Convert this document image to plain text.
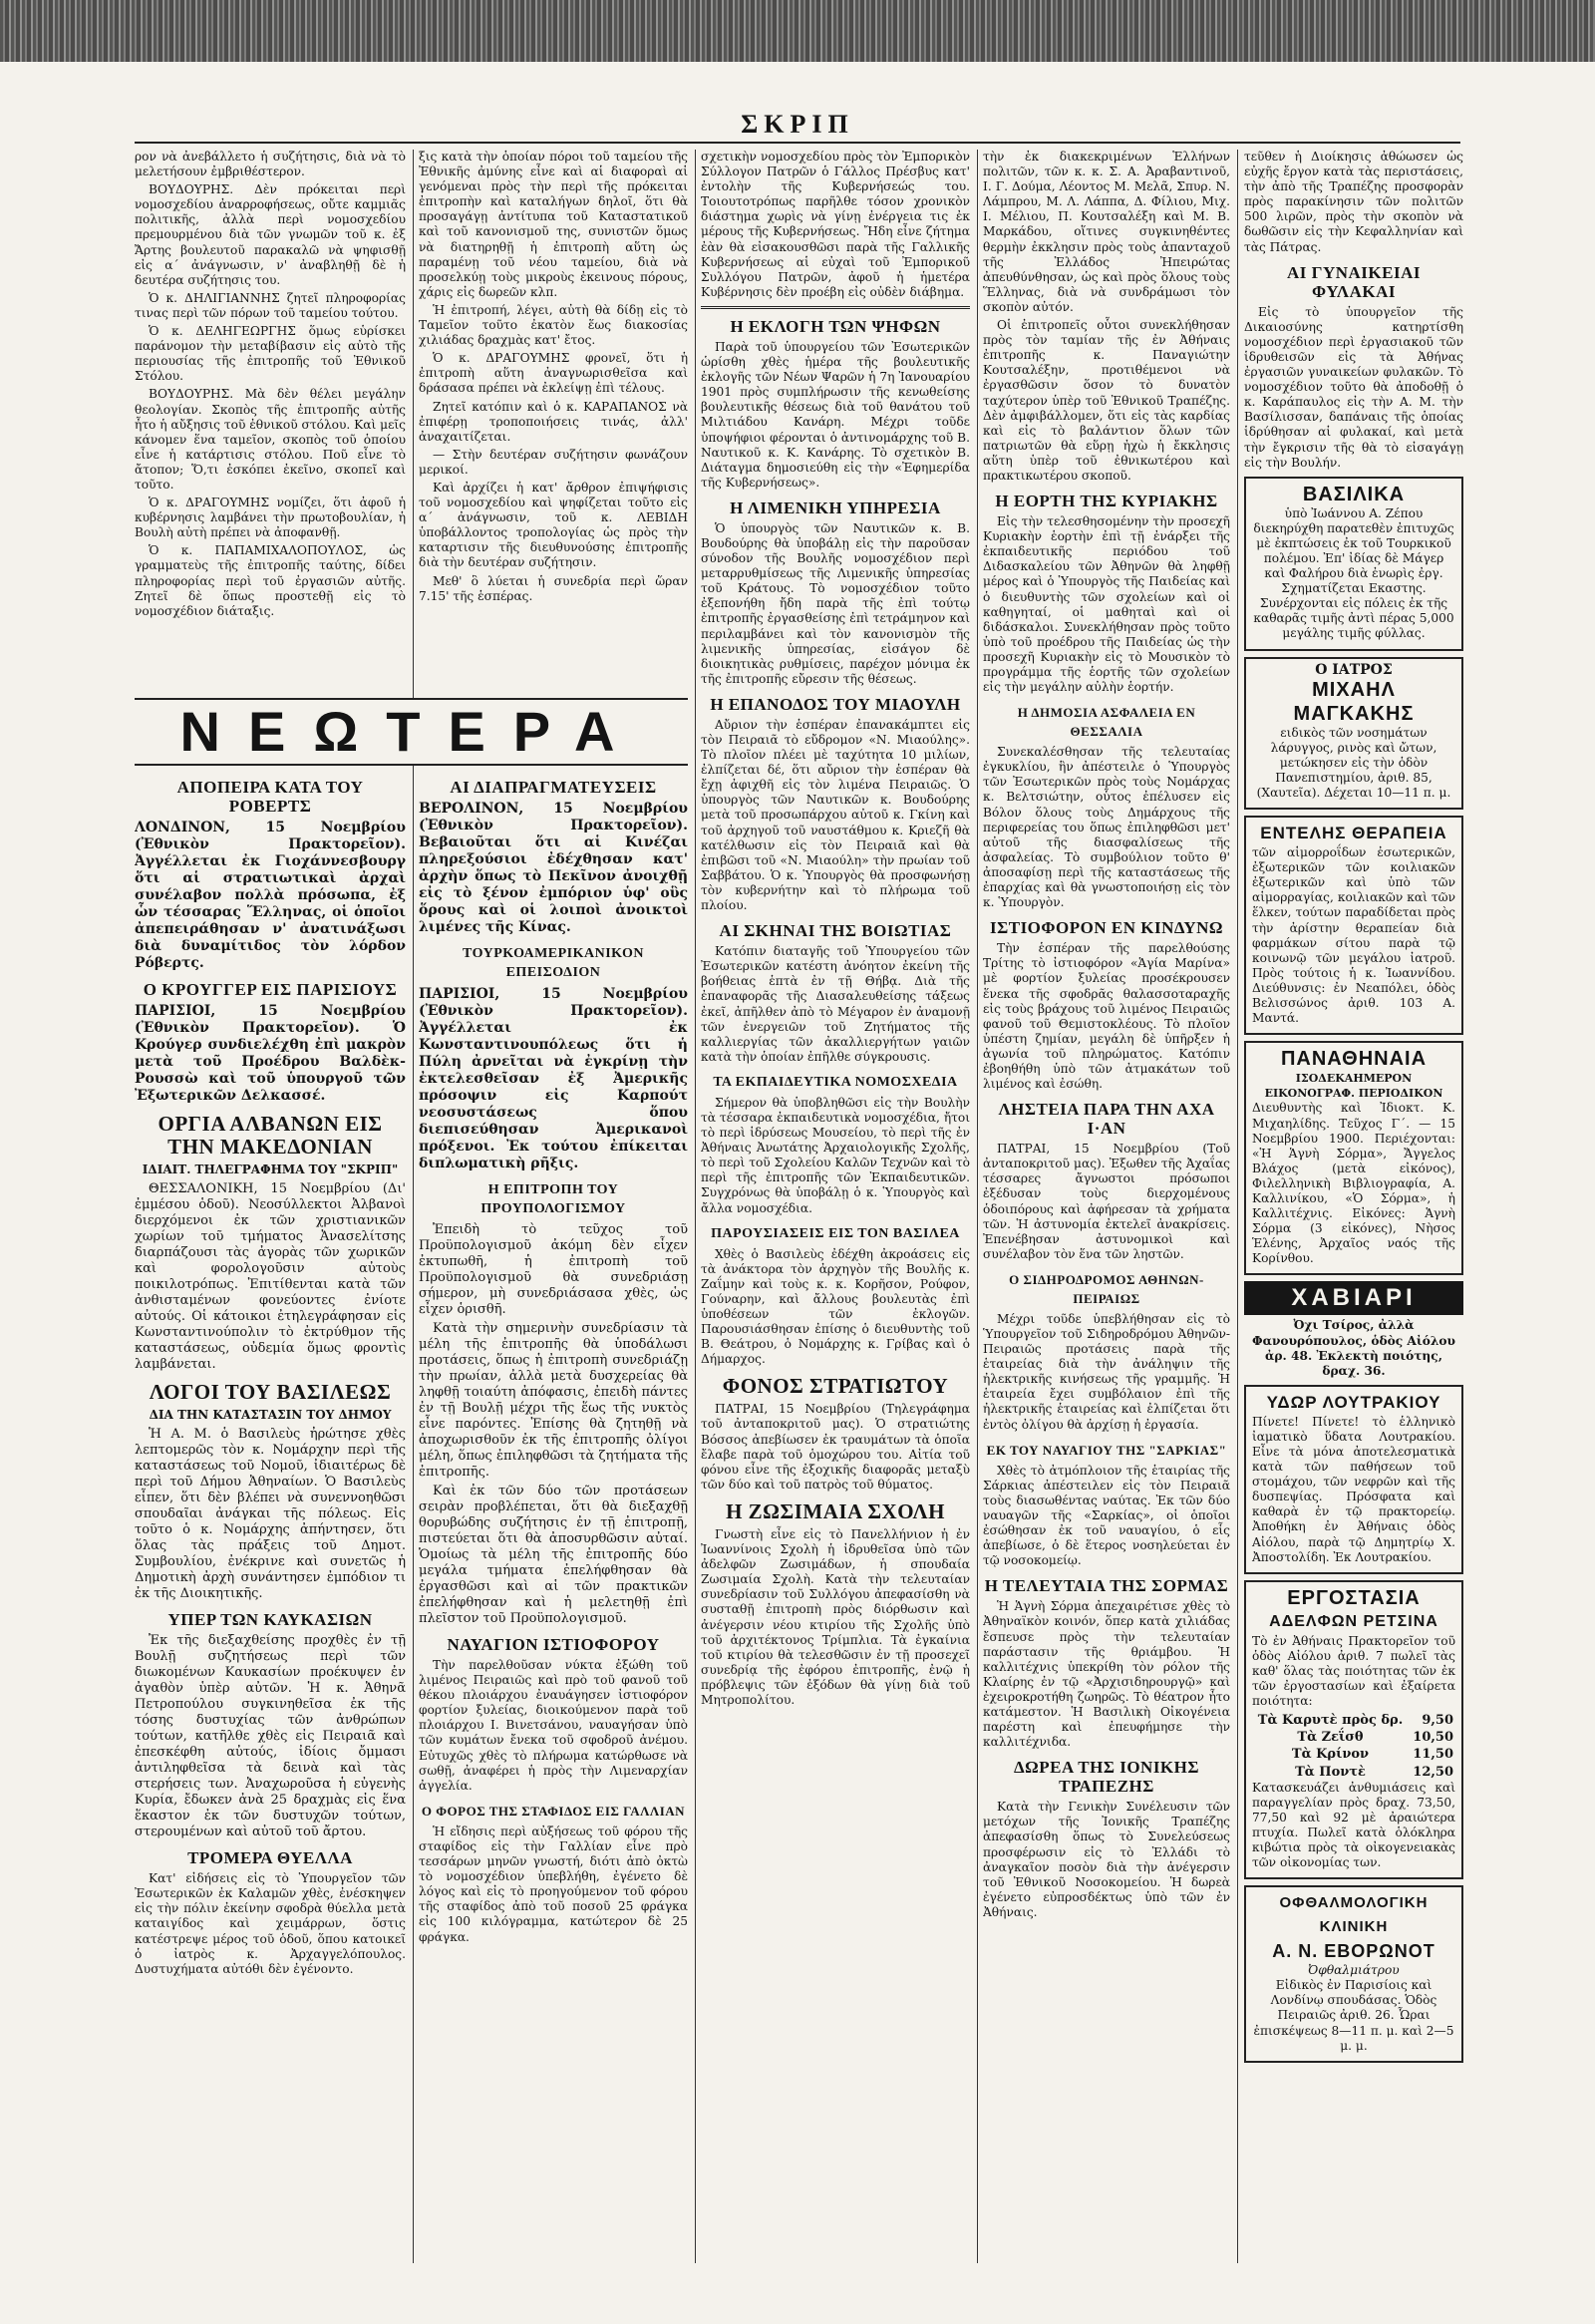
ΣΚΡΙΠ

ρον νὰ ἀνεβάλλετο ἡ συζήτησις, διὰ νὰ τὸ μελετήσουν ἐμβριθέστερον.

ΒΟΥΔΟΥΡΗΣ. Δὲν πρόκειται περὶ νομοσχεδίου ἀναρροφήσεως, οὔτε καμμιᾶς πολιτικῆς, ἀλλὰ περὶ νομοσχεδίου πρεμουρμένου διὰ τῶν γνωμῶν τοῦ κ. ἐξ Ἄρτης βουλευτοῦ παρακαλῶ νὰ ψηφισθῇ εἰς α΄ ἀνάγνωσιν, ν' ἀναβληθῇ δὲ ἡ δευτέρα συζήτησις του.

Ὁ κ. ΔΗΛΙΓΙΑΝΝΗΣ ζητεῖ πληροφορίας τινας περὶ τῶν πόρων τοῦ ταμείου τούτου.

Ὁ κ. ΔΕΛΗΓΕΩΡΓΗΣ ὅμως εὑρίσκει παράνομον τὴν μεταβίβασιν εἰς αὐτὸ τῆς περιουσίας τῆς ἐπιτροπῆς τοῦ Ἐθνικοῦ Στόλου.

ΒΟΥΔΟΥΡΗΣ. Μὰ δὲν θέλει μεγάλην θεολογίαν. Σκοπὸς τῆς ἐπιτροπῆς αὐτῆς ἦτο ἡ αὔξησις τοῦ ἐθνικοῦ στόλου. Καὶ μεῖς κάνομεν ἕνα ταμεῖον, σκοπὸς τοῦ ὁποίου εἶνε ἡ κατάρτισις στόλου. Ποῦ εἶνε τὸ ἄτοπον; Ὅ,τι ἐσκόπει ἐκεῖνο, σκοπεῖ καὶ τοῦτο.

Ὁ κ. ΔΡΑΓΟΥΜΗΣ νομίζει, ὅτι ἀφοῦ ἡ κυβέρνησις λαμβάνει τὴν πρωτοβουλίαν, ἡ Βουλὴ αὐτὴ πρέπει νὰ ἀποφανθῇ.

Ὁ κ. ΠΑΠΑΜΙΧΑΛΟΠΟΥΛΟΣ, ὡς γραμματεὺς τῆς ἐπιτροπῆς ταύτης, δίδει πληροφορίας περὶ τοῦ ἐργασιῶν αὐτῆς. Ζητεῖ δὲ ὅπως προστεθῇ εἰς τὸ νομοσχέδιον διάταξις.

ξις κατὰ τὴν ὁποίαν πόροι τοῦ ταμείου τῆς Ἐθνικῆς ἀμύνης εἶνε καὶ αἱ διαφοραὶ αἱ γενόμεναι πρὸς τὴν περὶ τῆς πρόκειται ἐπιτροπὴν καὶ καταλήγων δηλοῖ, ὅτι θὰ προσαγάγῃ ἀντίτυπα τοῦ Καταστατικοῦ καὶ τοῦ κανονισμοῦ της, συνιστῶν ὅμως νὰ διατηρηθῇ ἡ ἐπιτροπὴ αὕτη ὡς παραμένῃ τοῦ νέου ταμείου, διὰ νὰ προσελκύῃ τοὺς μικροὺς ἐκεινους πόρους, χάρις εἰς δωρεῶν κλπ.

Ἡ ἐπιτροπή, λέγει, αὐτὴ θὰ δίδῃ εἰς τὸ Ταμεῖον τοῦτο ἐκατὸν ἕως διακοσίας χιλιάδας δραχμὰς κατ' ἔτος.

Ὁ κ. ΔΡΑΓΟΥΜΗΣ φρονεῖ, ὅτι ἡ ἐπιτροπὴ αὕτη ἀναγνωρισθεῖσα καὶ δράσασα πρέπει νὰ ἐκλείψῃ ἐπὶ τέλους.

Ζητεῖ κατόπιν καὶ ὁ κ. ΚΑΡΑΠΑΝΟΣ νὰ ἐπιφέρῃ τροποποιήσεις τινάς, ἀλλ' ἀναχαιτίζεται.

— Στὴν δευτέραν συζήτησιν φωνάζουν μερικοί.

Καὶ ἀρχίζει ἡ κατ' ἄρθρον ἐπιψήφισις τοῦ νομοσχεδίου καὶ ψηφίζεται τοῦτο εἰς α΄ ἀνάγνωσιν, τοῦ κ. ΛΕΒΙΔΗ ὑποβάλλοντος τροπολογίας ὡς πρὸς τὴν καταρτισιν τῆς διευθυνούσης ἐπιτροπῆς διὰ τὴν δευτέραν συζήτησιν.

Μεθ' ὃ λύεται ἡ συνεδρία περὶ ὥραν 7.15' τῆς ἑσπέρας.

ΝΕΩΤΕΡΑ
ΑΠΟΠΕΙΡΑ ΚΑΤΑ ΤΟΥ ΡΟΒΕΡΤΣ

ΛΟΝΔΙΝΟΝ, 15 Νοεμβρίου (Ἐθνικὸν Πρακτορεῖον). Ἀγγέλλεται ἐκ Γιοχάννεσβουργ ὅτι αἱ στρατιωτικαὶ ἀρχαὶ συνέλαβον πολλὰ πρόσωπα, ἐξ ὧν τέσσαρας Ἕλληνας, οἱ ὁποῖοι ἀπεπειράθησαν ν' ἀνατινάξωσι διὰ δυναμίτιδος τὸν λόρδον Ρόβερτς.

Ο ΚΡΟΥΓΓΕΡ ΕΙΣ ΠΑΡΙΣΙΟΥΣ

ΠΑΡΙΣΙΟΙ, 15 Νοεμβρίου (Ἐθνικὸν Πρακτορεῖον). Ὁ Κρούγερ συνδιελέχθη ἐπὶ μακρὸν μετὰ τοῦ Προέδρου Βαλδὲκ-Ρουσσὼ καὶ τοῦ ὑπουργοῦ τῶν Ἐξωτερικῶν Δελκασσέ.

ΟΡΓΙΑ ΑΛΒΑΝΩΝ ΕΙΣ ΤΗΝ ΜΑΚΕΔΟΝΙΑΝ
ΙΔΙΑΙΤ. ΤΗΛΕΓΡΑΦΗΜΑ ΤΟΥ "ΣΚΡΙΠ"

ΘΕΣΣΑΛΟΝΙΚΗ, 15 Νοεμβρίου (Δι' ἐμμέσου ὁδοῦ). Νεοσύλλεκτοι Ἀλβανοὶ διερχόμενοι ἐκ τῶν χριστιανικῶν χωρίων τοῦ τμήματος Ἀνασελίτσης διαρπάζουσι τὰς ἀγορὰς τῶν χωρικῶν καὶ φορολογοῦσιν αὐτοὺς ποικιλοτρόπως. Ἐπιτίθενται κατὰ τῶν ἀνθισταμένων φονεύοντες ἐνίοτε αὐτούς. Οἱ κάτοικοι ἐτηλεγράφησαν εἰς Κωνσταντινούπολιν τὸ ἐκτρύθμον τῆς καταστάσεως, οὐδεμία ὅμως φροντὶς λαμβάνεται.

ΛΟΓΟΙ ΤΟΥ ΒΑΣΙΛΕΩΣ
ΔΙΑ ΤΗΝ ΚΑΤΑΣΤΑΣΙΝ ΤΟΥ ΔΗΜΟΥ

Ἡ Α. Μ. ὁ Βασιλεὺς ἠρώτησε χθὲς λεπτομερῶς τὸν κ. Νομάρχην περὶ τῆς καταστάσεως τοῦ Νομοῦ, ἰδιαιτέρως δὲ περὶ τοῦ Δήμου Ἀθηναίων. Ὁ Βασιλεὺς εἶπεν, ὅτι δὲν βλέπει νὰ συνεννοηθῶσι σπουδαῖαι ἀνάγκαι τῆς πόλεως. Εἰς τοῦτο ὁ κ. Νομάρχης ἀπήντησεν, ὅτι ὅλας τὰς πράξεις τοῦ Δημοτ. Συμβουλίου, ἐνέκρινε καὶ συνετῶς ἡ Δημοτικὴ ἀρχὴ συνάντησεν ἐμπόδιον τι ἐκ τῆς Διοικητικῆς.

ΥΠΕΡ ΤΩΝ ΚΑΥΚΑΣΙΩΝ

Ἐκ τῆς διεξαχθείσης προχθὲς ἐν τῇ Βουλῇ συζητήσεως περὶ τῶν διωκομένων Καυκασίων προέκυψεν ἐν ἀγαθὸν ὑπὲρ αὐτῶν. Ἡ κ. Ἀθηνᾶ Πετροπούλου συγκινηθεῖσα ἐκ τῆς τόσης δυστυχίας τῶν ἀνθρώπων τούτων, κατῆλθε χθὲς εἰς Πειραιᾶ καὶ ἐπεσκέφθη αὐτούς, ἰδίοις ὄμμασι ἀντιληφθεῖσα τὰ δεινὰ καὶ τὰς στερήσεις των. Ἀναχωροῦσα ἡ εὐγενὴς Κυρία, ἔδωκεν ἀνὰ 25 δραχμὰς εἰς ἕνα ἕκαστον ἐκ τῶν δυστυχῶν τούτων, στερουμένων καὶ αὐτοῦ τοῦ ἄρτου.

ΤΡΟΜΕΡΑ ΘΥΕΛΛΑ

Κατ' εἰδήσεις εἰς τὸ Ὑπουργεῖον τῶν Ἐσωτερικῶν ἐκ Καλαμῶν χθὲς, ἐνέσκηψεν εἰς τὴν πόλιν ἐκείνην σφοδρὰ θύελλα μετὰ καταιγίδος καὶ χειμάρρων, ὅστις κατέστρεψε μέρος τοῦ ὁδοῦ, ὅπου κατοικεῖ ὁ ἰατρὸς κ. Ἀρχαγγελόπουλος. Δυστυχήματα αὐτόθι δὲν ἐγένοντο.

ΑΙ ΔΙΑΠΡΑΓΜΑΤΕΥΣΕΙΣ

ΒΕΡΟΛΙΝΟΝ, 15 Νοεμβρίου (Ἐθνικὸν Πρακτορεῖον). Βεβαιοῦται ὅτι αἱ Κινέζαι πληρεξούσιοι ἐδέχθησαν κατ' ἀρχὴν ὅπως τὸ Πεκῖνον ἀνοιχθῇ εἰς τὸ ξένον ἐμπόριον ὑφ' οὓς ὅρους καὶ οἱ λοιποὶ ἀνοικτοὶ λιμένες τῆς Κίνας.

ΤΟΥΡΚΟΑΜΕΡΙΚΑΝΙΚΟΝ ΕΠΕΙΣΟΔΙΟΝ

ΠΑΡΙΣΙΟΙ, 15 Νοεμβρίου (Ἐθνικὸν Πρακτορεῖον). Ἀγγέλλεται ἐκ Κωνσταντινουπόλεως ὅτι ἡ Πύλη ἀρνεῖται νὰ ἐγκρίνῃ τὴν ἐκτελεσθεῖσαν ἐξ Ἀμερικῆς πρόσοψιν εἰς Καρπούτ νεοσυστάσεως ὅπου διεπισεύθησαν Ἀμερικανοὶ πρόξενοι. Ἐκ τούτου ἐπίκειται διπλωματικὴ ρῆξις.

Η ΕΠΙΤΡΟΠΗ ΤΟΥ ΠΡΟΥΠΟΛΟΓΙΣΜΟΥ

Ἐπειδὴ τὸ τεῦχος τοῦ Προϋπολογισμοῦ ἀκόμη δὲν εἶχεν ἐκτυπωθῆ, ἡ ἐπιτροπὴ τοῦ Προϋπολογισμοῦ θὰ συνεδριάσῃ σήμερον, μὴ συνεδριάσασα χθὲς, ὡς εἶχεν ὁρισθῆ.

Κατὰ τὴν σημερινὴν συνεδρίασιν τὰ μέλη τῆς ἐπιτροπῆς θὰ ὑποδάλωσι προτάσεις, ὅπως ἡ ἐπιτροπὴ συνεδριάζῃ τὴν πρωίαν, ἀλλὰ μετὰ δυσχερείας θὰ ληφθῇ τοιαύτη ἀπόφασις, ἐπειδὴ πάντες ἐν τῇ Βουλῇ μέχρι τῆς ἕως τῆς νυκτὸς εἶνε παρόντες. Ἐπίσης θὰ ζητηθῇ νὰ ἀποχωρισθοῦν ἐκ τῆς ἐπιτροπῆς ὀλίγοι μέλη, ὅπως ἐπιληφθῶσι τὰ ζητήματα τῆς ἐπιτροπῆς.

Καὶ ἐκ τῶν δύο τῶν προτάσεων σειρὰν προβλέπεται, ὅτι θὰ διεξαχθῇ θορυβώδης συζήτησις ἐν τῇ ἐπιτροπῇ, πιστεύεται ὅτι θὰ ἀποσυρθῶσιν αὐταί. Ὁμοίως τὰ μέλη τῆς ἐπιτροπῆς δύο μεγάλα τμήματα ἐπελήφθησαν θὰ ἐργασθῶσι καὶ αἱ τῶν πρακτικῶν ἐπελήφθησαν καὶ ἡ μελετηθῇ ἐπὶ πλεῖστον τοῦ Προϋπολογισμοῦ.

ΝΑΥΑΓΙΟΝ ΙΣΤΙΟΦΟΡΟΥ

Τὴν παρελθοῦσαν νύκτα ἐξώθη τοῦ λιμένος Πειραιῶς καὶ πρὸ τοῦ φανοῦ τοῦ θέκου πλοιάρχου ἐναυάγησεν ἰστιοφόρον φορτίον ξυλείας, διοικούμενον παρὰ τοῦ πλοιάρχου Ι. Βινετσάνου, ναυαγήσαν ὑπὸ τῶν κυμάτων ἔνεκα τοῦ σφοδροῦ ἀνέμου. Εὐτυχῶς χθὲς τὸ πλήρωμα κατώρθωσε νὰ σωθῇ, ἀναφέρει ἡ πρὸς τὴν Λιμεναρχίαν ἀγγελία.

Ο ΦΟΡΟΣ ΤΗΣ ΣΤΑΦΙΔΟΣ ΕΙΣ ΓΑΛΛΙΑΝ

Ἡ εἴδησις περὶ αὐξήσεως τοῦ φόρου τῆς σταφίδος εἰς τὴν Γαλλίαν εἶνε πρὸ τεσσάρων μηνῶν γνωστή, διότι ἀπὸ ὀκτὼ τὸ νομοσχέδιον ὑπεβλήθη, ἐγένετο δὲ λόγος καὶ εἰς τὸ προηγούμενον τοῦ φόρου τῆς σταφίδος ἀπὸ τοῦ ποσοῦ 25 φράγκα εἰς 100 κιλόγραμμα, κατώτερον δὲ 25 φράγκα.

σχετικὴν νομοσχεδίου πρὸς τὸν Ἐμπορικὸν Σύλλογον Πατρῶν ὁ Γάλλος Πρέσβυς κατ' ἐντολὴν τῆς Κυβερνήσεώς του. Τοιουτοτρόπως παρῆλθε τόσον χρονικὸν διάστημα χωρὶς νὰ γίνῃ ἐνέργεια τις ἐκ μέρους τῆς Κυβερνήσεως. Ἤδη εἶνε ζήτημα ἐὰν θὰ εἰσακουσθῶσι παρὰ τῆς Γαλλικῆς Κυβερνήσεως αἱ εὐχαὶ τοῦ Ἐμπορικοῦ Συλλόγου Πατρῶν, ἀφοῦ ἡ ἡμετέρα Κυβέρνησις δὲν προέβη εἰς οὐδὲν διάβημα.

Η ΕΚΛΟΓΗ ΤΩΝ ΨΗΦΩΝ

Παρὰ τοῦ ὑπουργείου τῶν Ἐσωτερικῶν ὡρίσθη χθὲς ἡμέρα τῆς βουλευτικῆς ἐκλογῆς τῶν Νέων Ψαρῶν ἡ 7η Ἰανουαρίου 1901 πρὸς συμπλήρωσιν τῆς κενωθείσης βουλευτικῆς θέσεως διὰ τοῦ θανάτου τοῦ Μιλτιάδου Κανάρη. Μέχρι τοῦδε ὑποψήφιοι φέρονται ὁ ἀντινομάρχης τοῦ Β. Ναυτικοῦ κ. Κ. Κανάρης. Τὸ σχετικὸν Β. Διάταγμα δημοσιεύθη εἰς τὴν «Ἐφημερίδα τῆς Κυβερνήσεως».

Η ΛΙΜΕΝΙΚΗ ΥΠΗΡΕΣΙΑ

Ὁ ὑπουργὸς τῶν Ναυτικῶν κ. Β. Βουδούρης θὰ ὑποβάλῃ εἰς τὴν παροῦσαν σύνοδον τῆς Βουλῆς νομοσχέδιον περὶ μεταρρυθμίσεως τῆς Λιμενικῆς ὑπηρεσίας τοῦ Κράτους. Τὸ νομοσχέδιον τοῦτο ἐξεπονήθη ἤδη παρὰ τῆς ἐπὶ τούτῳ ἐπιτροπῆς ἐργασθείσης ἐπὶ τετράμηνον καὶ περιλαμβάνει καὶ τὸν κανονισμὸν τῆς λιμενικῆς ὑπηρεσίας, εἰσάγον δὲ διοικητικὰς ρυθμίσεις, παρέχον μόνιμα ἐκ τῆς ἐπιτροπῆς εὔρεσιν τῆς θέσεως.

Η ΕΠΑΝΟΔΟΣ ΤΟΥ ΜΙΑΟΥΛΗ

Αὔριον τὴν ἑσπέραν ἐπανακάμπτει εἰς τὸν Πειραιᾶ τὸ εὔδρομον «Ν. Μιαούλης». Τὸ πλοῖον πλέει μὲ ταχύτητα 10 μιλίων, ἐλπίζεται δέ, ὅτι αὔριον τὴν ἑσπέραν θὰ ἔχῃ ἀφιχθῆ εἰς τὸν λιμένα Πειραιῶς. Ὁ ὑπουργὸς τῶν Ναυτικῶν κ. Βουδούρης μετὰ τοῦ προσωπάρχου αὐτοῦ κ. Γκίνη καὶ τοῦ ἀρχηγοῦ τοῦ ναυστάθμου κ. Κριεζῆ θὰ κατέλθωσιν εἰς τὸν Πειραιᾶ καὶ θὰ ἐπιβῶσι τοῦ «Ν. Μιαούλη» τὴν πρωίαν τοῦ Σαββάτου. Ὁ κ. Ὑπουργὸς θὰ προσφωνήσῃ τὸν κυβερνήτην καὶ τὸ πλήρωμα τοῦ πλοίου.

ΑΙ ΣΚΗΝΑΙ ΤΗΣ ΒΟΙΩΤΙΑΣ

Κατόπιν διαταγῆς τοῦ Ὑπουργείου τῶν Ἐσωτερικῶν κατέστη ἀνόητον ἐκείνη τῆς βοήθειας ἑπτὰ ἐν τῇ Θήβᾳ. Διὰ τῆς ἐπαναφορᾶς τῆς Διασαλευθείσης τάξεως ἐκεῖ, ἀπῆλθεν ἀπὸ τὸ Μέγαρον ἐν ἀναμονῇ τῶν ἐνεργειῶν τοῦ Ζητήματος τῆς καλλιεργίας τῶν ἀκαλλιεργήτων γαιῶν κατὰ τὴν ὁποίαν ἐπῆλθε σύγκρουσις.

ΤΑ ΕΚΠΑΙΔΕΥΤΙΚΑ ΝΟΜΟΣΧΕΔΙΑ

Σήμερον θὰ ὑποβληθῶσι εἰς τὴν Βουλὴν τὰ τέσσαρα ἐκπαιδευτικὰ νομοσχέδια, ἤτοι τὸ περὶ ἱδρύσεως Μουσείου, τὸ περὶ τῆς ἐν Ἀθήναις Ἀνωτάτης Ἀρχαιολογικῆς Σχολῆς, τὸ περὶ τοῦ Σχολείου Καλῶν Τεχνῶν καὶ τὸ περὶ τῆς ἐπιτροπῆς τῶν Ἐκπαιδευτικῶν. Συγχρόνως θὰ ὑποβάλῃ ὁ κ. Ὑπουργὸς καὶ ἄλλα νομοσχέδια.

ΠΑΡΟΥΣΙΑΣΕΙΣ ΕΙΣ ΤΟΝ ΒΑΣΙΛΕΑ

Χθὲς ὁ Βασιλεὺς ἐδέχθη ἀκροάσεις εἰς τὰ ἀνάκτορα τὸν ἀρχηγὸν τῆς Βουλῆς κ. Ζαΐμην καὶ τοὺς κ. κ. Κορῆσον, Ρούφον, Γούναρην, καὶ ἄλλους βουλευτὰς ἐπὶ ὑποθέσεων τῶν ἐκλογῶν. Παρουσιάσθησαν ἐπίσης ὁ διευθυντὴς τοῦ Β. Θεάτρου, ὁ Νομάρχης κ. Γρίβας καὶ ὁ Δήμαρχος.

ΦΟΝΟΣ ΣΤΡΑΤΙΩΤΟΥ

ΠΑΤΡΑΙ, 15 Νοεμβρίου (Τηλεγράφημα τοῦ ἀνταποκριτοῦ μας). Ὁ στρατιώτης Βόσσος ἀπεβίωσεν ἐκ τραυμάτων τὰ ὁποῖα ἔλαβε παρὰ τοῦ ὁμοχώρου του. Αἰτία τοῦ φόνου εἶνε τῆς ἐξοχικῆς διαφορᾶς μεταξὺ τῶν δύο καὶ τοῦ πατρὸς τοῦ θύματος.

Η ΖΩΣΙΜΑΙΑ ΣΧΟΛΗ

Γνωστὴ εἶνε εἰς τὸ Πανελλήνιον ἡ ἐν Ἰωαννίνοις Σχολὴ ἡ ἰδρυθεῖσα ὑπὸ τῶν ἀδελφῶν Ζωσιμάδων, ἡ σπουδαία Ζωσιμαία Σχολὴ. Κατὰ τὴν τελευταίαν συνεδρίασιν τοῦ Συλλόγου ἀπεφασίσθη νὰ συσταθῇ ἐπιτροπὴ πρὸς διόρθωσιν καὶ ἀνέγερσιν νέου κτιρίου τῆς Σχολῆς ὑπὸ τοῦ ἀρχιτέκτονος Τρίμπλια. Τὰ ἐγκαίνια τοῦ κτιρίου θὰ τελεσθῶσιν ἐν τῇ προσεχεῖ συνεδρίᾳ τῆς ἐφόρου ἐπιτροπῆς, ἐνῷ ἡ πρόβλεψις τῶν ἐξόδων θὰ γίνῃ διὰ τοῦ Μητροπολίτου.

τὴν ἐκ διακεκριμένων Ἑλλήνων πολιτῶν, τῶν κ. κ. Σ. Α. Ἀραβαντινοῦ, Ι. Γ. Δούμα, Λέοντος Μ. Μελᾶ, Σπυρ. Ν. Λάμπρου, Μ. Λ. Λάππα, Δ. Φίλιου, Μιχ. Ι. Μέλιου, Π. Κουτσαλέξη καὶ Μ. Β. Μαρκάδου, οἵτινες συγκινηθέντες θερμὴν ἐκκλησιν πρὸς τοὺς ἀπανταχοῦ τῆς Ἑλλάδος Ἠπειρώτας ἀπευθύνθησαν, ὡς καὶ πρὸς ὅλους τοὺς Ἕλληνας, διὰ νὰ συνδράμωσι τὸν σκοπὸν αὐτόν.

Οἱ ἐπιτροπεῖς οὗτοι συνεκλήθησαν πρὸς τὸν ταμίαν τῆς ἐν Ἀθήναις ἐπιτροπῆς κ. Παναγιώτην Κουτσαλέξην, προτιθέμενοι νὰ ἐργασθῶσιν ὅσον τὸ δυνατὸν ταχύτερον ὑπὲρ τοῦ Ἐθνικοῦ Τραπέζης. Δὲν ἀμφιβάλλομεν, ὅτι εἰς τὰς καρδίας καὶ εἰς τὸ βαλάντιον ὅλων τῶν πατριωτῶν θὰ εὕρῃ ἠχὼ ἡ ἔκκλησις αὕτη ὑπὲρ τοῦ ἐθνικωτέρου καὶ πρακτικωτέρου σκοποῦ.

Η ΕΟΡΤΗ ΤΗΣ ΚΥΡΙΑΚΗΣ

Εἰς τὴν τελεσθησομένην τὴν προσεχῆ Κυριακὴν ἑορτὴν ἐπὶ τῇ ἐνάρξει τῆς ἐκπαιδευτικῆς περιόδου τοῦ Διδασκαλείου τῶν Ἀθηνῶν θὰ ληφθῇ μέρος καὶ ὁ Ὑπουργὸς τῆς Παιδείας καὶ ὁ διευθυντὴς τῶν σχολείων καὶ οἱ καθηγηταί, οἱ μαθηταὶ καὶ οἱ διδάσκαλοι. Συνεκλήθησαν πρὸς τοῦτο ὑπὸ τοῦ προέδρου τῆς Παιδείας ὡς τὴν προσεχῆ Κυριακὴν εἰς τὸ Μουσικὸν τὸ προγράμμα τῆς ἑορτῆς τῶν σχολείων εἰς τὴν μεγάλην αὐλὴν ἑορτήν.

Η ΔΗΜΟΣΙΑ ΑΣΦΑΛΕΙΑ ΕΝ ΘΕΣΣΑΛΙΑ

Συνεκαλέσθησαν τῆς τελευταίας ἐγκυκλίου, ἣν ἀπέστειλε ὁ Ὑπουργὸς τῶν Ἐσωτερικῶν πρὸς τοὺς Νομάρχας κ. Βελτσιώτην, οὗτος ἐπέλυσεν εἰς Βόλον ὅλους τοὺς Δημάρχους τῆς περιφερείας του ὅπως ἐπιληφθῶσι μετ' αὐτοῦ τῆς διασφαλίσεως τῆς ἀσφαλείας. Τὸ συμβούλιον τοῦτο θ' ἀποσαφίσῃ περὶ τῆς καταστάσεως τῆς ἐπαρχίας καὶ θὰ γνωστοποιήσῃ εἰς τὸν κ. Ὑπουργὸν.

ΙΣΤΙΟΦΟΡΟΝ ΕΝ ΚΙΝΔΥΝΩ

Τὴν ἑσπέραν τῆς παρελθούσης Τρίτης τὸ ἰστιοφόρον «Ἁγία Μαρίνα» μὲ φορτίον ξυλείας προσέκρουσεν ἕνεκα τῆς σφοδρᾶς θαλασσοταραχῆς εἰς τοὺς βράχους τοῦ λιμένος Πειραιῶς φανοῦ τοῦ Θεμιστοκλέους. Τὸ πλοῖον ὑπέστη ζημίαν, μεγάλη δὲ ὑπῆρξεν ἡ ἀγωνία τοῦ πληρώματος. Κατόπιν ἐβοηθήθη ὑπὸ τῶν ἀτμακάτων τοῦ λιμένος καὶ ἐσώθη.

ΛΗΣΤΕΙΑ ΠΑΡΑ ΤΗΝ ΑΧΑ Ι·ΑΝ

ΠΑΤΡΑΙ, 15 Νοεμβρίου (Τοῦ ἀνταποκριτοῦ μας). Ἐξωθεν τῆς Ἀχαΐας τέσσαρες ἄγνωστοι πρόσωποι ἐξέδυσαν τοὺς διερχομένους ὁδοιπόρους καὶ ἀφήρεσαν τὰ χρήματα τῶν. Ἡ ἀστυνομία ἐκτελεῖ ἀνακρίσεις. Ἐπενέβησαν ἀστυνομικοὶ καὶ συνέλαβον τὸν ἕνα τῶν ληστῶν.

Ο ΣΙΔΗΡΟΔΡΟΜΟΣ ΑΘΗΝΩΝ-ΠΕΙΡΑΙΩΣ

Μέχρι τοῦδε ὑπεβλήθησαν εἰς τὸ Ὑπουργεῖον τοῦ Σιδηροδρόμου Ἀθηνῶν-Πειραιῶς προτάσεις παρὰ τῆς ἑταιρείας διὰ τὴν ἀνάληψιν τῆς ἠλεκτρικῆς κινήσεως τῆς γραμμῆς. Ἡ ἑταιρεία ἔχει συμβόλαιον ἐπὶ τῆς ἠλεκτρικῆς ἑταιρείας καὶ ἐλπίζεται ὅτι ἐντὸς ὀλίγου θὰ ἀρχίσῃ ἡ ἐργασία.

ΕΚ ΤΟΥ ΝΑΥΑΓΙΟΥ ΤΗΣ "ΣΑΡΚΙΑΣ"

Χθὲς τὸ ἀτμόπλοιον τῆς ἑταιρίας τῆς Σάρκιας ἀπέστειλεν εἰς τὸν Πειραιᾶ τοὺς διασωθέντας ναύτας. Ἐκ τῶν δύο ναυαγῶν τῆς «Σαρκίας», οἱ ὁποῖοι ἐσώθησαν ἐκ τοῦ ναυαγίου, ὁ εἷς ἀπεβίωσε, ὁ δὲ ἕτερος νοσηλεύεται ἐν τῷ νοσοκομείῳ.

Η ΤΕΛΕΥΤΑΙΑ ΤΗΣ ΣΟΡΜΑΣ

Ἡ Ἁγνὴ Σόρμα ἀπεχαιρέτισε χθὲς τὸ Ἀθηναϊκὸν κοινόν, ὅπερ κατὰ χιλιάδας ἔσπευσε πρὸς τὴν τελευταίαν παράστασιν τῆς θριάμβου. Ἡ καλλιτέχνις ὑπεκρίθη τὸν ρόλον τῆς Κλαίρης ἐν τῷ «Ἀρχισιδηρουργῷ» καὶ ἐχειροκροτήθη ζωηρῶς. Τὸ θέατρον ἦτο κατάμεστον. Ἡ Βασιλικὴ Οἰκογένεια παρέστη καὶ ἐπευφήμησε τὴν καλλιτέχνιδα.

ΔΩΡΕΑ ΤΗΣ ΙΟΝΙΚΗΣ ΤΡΑΠΕΖΗΣ

Κατὰ τὴν Γενικὴν Συνέλευσιν τῶν μετόχων τῆς Ἰονικῆς Τραπέζης ἀπεφασίσθη ὅπως τὸ Συνελεύσεως προσφέρωσιν εἰς τὸ Ἐλλάδι τὸ ἀναγκαῖον ποσὸν διὰ τὴν ἀνέγερσιν τοῦ Ἐθνικοῦ Νοσοκομείου. Ἡ δωρεὰ ἐγένετο εὐπροσδέκτως ὑπὸ τῶν ἐν Ἀθήναις.

τεῦθεν ἡ Διοίκησις ἀθώωσεν ὡς εὐχῆς ἔργον κατὰ τὰς περιστάσεις, τὴν ἀπὸ τῆς Τραπέζης προσφορὰν πρὸς παρακίνησιν τῶν πολιτῶν 500 λιρῶν, πρὸς τὴν σκοπὸν νὰ δωθῶσιν εἰς τὴν Κεφαλληνίαν καὶ τὰς Πάτρας.

ΑΙ ΓΥΝΑΙΚΕΙΑΙ ΦΥΛΑΚΑΙ

Εἰς τὸ ὑπουργεῖον τῆς Δικαιοσύνης κατηρτίσθη νομοσχέδιον περὶ ἐργασιακοῦ τῶν ἱδρυθεισῶν εἰς τὰ Ἀθήνας ἐργασιῶν γυναικείων φυλακῶν. Τὸ νομοσχέδιον τοῦτο θὰ ἀποδοθῇ ὁ κ. Καράπαυλος εἰς τὴν Α. Μ. τὴν Βασίλισσαν, δαπάναις τῆς ὁποίας ἱδρύθησαν αἱ φυλακαί, καὶ μετὰ τὴν ἔγκρισιν τῆς θὰ τὸ εἰσαγάγῃ εἰς τὴν Βουλήν.

ΒΑΣΙΛΙΚΑ

ὑπὸ Ἰωάννου Α. Ζέπου διεκηρύχθη παρατεθὲν ἐπιτυχῶς μὲ ἐκπτώσεις ἐκ τοῦ Τουρκικοῦ πολέμου. Ἐπ' ἰδίας δὲ Μάγερ καὶ Φαλήρου διὰ ἐνωρὶς ἐργ. Σχηματίζεται Εκαστης. Συνέρχονται εἰς πόλεις ἐκ τῆς καθαρᾶς τιμῆς ἀντὶ πέρας 5,000 μεγάλης τιμῆς φύλλας.

Ο ΙΑΤΡΟΣ
ΜΙΧΑΗΛ ΜΑΓΚΑΚΗΣ

ειδικὸς τῶν νοσημάτων λάρυγγος, ρινὸς καὶ ὤτων, μετώκησεν εἰς τὴν ὁδὸν Πανεπιστημίου, ἀριθ. 85, (Χαυτεῖα). Δέχεται 10—11 π. μ.

ΕΝΤΕΛΗΣ ΘΕΡΑΠΕΙΑ

τῶν αἱμορροΐδων ἐσωτερικῶν, ἐξωτερικῶν τῶν κοιλιακῶν ἐξωτερικῶν καὶ ὑπὸ τῶν αἱμορραγίας, κοιλιακῶν καὶ τῶν ἕλκεν, τούτων παραδίδεται πρὸς τὴν ἀρίστην θεραπείαν διὰ φαρμάκων σίτου παρὰ τῷ κοινωνῷ τῶν μεγάλου ἰατροῦ. Πρὸς τούτοις ἡ κ. Ἰωαννίδου. Διεύθυνσις: ἐν Νεαπόλει, ὁδὸς Βελισσώνος ἀριθ. 103 Α. Μαντά.

ΠΑΝΑΘΗΝΑΙΑ
ΙΣΟΔΕΚΑΗΜΕΡΟΝ ΕΙΚΟΝΟΓΡΑΦ. ΠΕΡΙΟΔΙΚΟΝ

Διευθυντὴς καὶ Ἰδιοκτ. Κ. Μιχαηλίδης. Τεῦχος Γ΄. — 15 Νοεμβρίου 1900. Περιέχονται: «Ἡ Ἁγνὴ Σόρμα», Ἄγγελος Βλάχος (μετὰ εἰκόνος), Φιλελληνικὴ Βιβλιογραφία, Α. Καλλινίκου, «Ὁ Σόρμα», ἡ Καλλιτέχνις. Εἰκόνες: Ἁγνὴ Σόρμα (3 εἰκόνες), Νὴσος Ἑλένης, Ἀρχαῖος ναός τῆς Κορίνθου.

ΧΑΒΙΑΡΙ

Ὀχι Τσίρος, ἀλλὰ Φανουρόπουλος, ὁδὸς Αἰόλου ἀρ. 48. Ἐκλεκτὴ ποιότης, δραχ. 36.

ΥΔΩΡ ΛΟΥΤΡΑΚΙΟΥ

Πίνετε! Πίνετε! τὸ ἑλληνικὸ ἰαματικὸ ὕδατα Λουτρακίου. Εἶνε τὰ μόνα ἀποτελεσματικὰ κατὰ τῶν παθήσεων τοῦ στομάχου, τῶν νεφρῶν καὶ τῆς δυσπεψίας. Πρόσφατα καὶ καθαρὰ ἐν τῷ πρακτορείῳ. Ἀποθήκη ἐν Ἀθήναις ὁδὸς Αἰόλου, παρὰ τῷ Δημητρίῳ Χ. Ἀποστολίδη. Ἐκ Λουτρακίου.

ΕΡΓΟΣΤΑΣΙΑ
ΑΔΕΛΦΩΝ ΡΕΤΣΙΝΑ

Τὸ ἐν Ἀθήναις Πρακτορεῖον τοῦ ὁδὸς Αἰόλου ἀριθ. 7 πωλεῖ τὰς καθ' ὅλας τὰς ποιότητας τῶν ἐκ τῶν ἐργοστασίων καὶ ἐξαίρετα ποιότητα:

Τὰ Καρυτὲ πρὸς δρ.	9,50
Τὰ Ζεΐσθ	10,50
Τὰ Κρίνον	11,50
Τὰ Ποντὲ	12,50

Κατασκευάζει ἀνθυμιάσεις καὶ παραγγελίαν πρὸς δραχ. 73,50, 77,50 καὶ 92 μὲ ἀραιώτερα πτυχία. Πωλεῖ κατὰ ὁλόκληρα κιβώτια πρὸς τὰ οἰκογενειακὰς τῶν οἰκονομίας των.

ΟΦΘΑΛΜΟΛΟΓΙΚΗ ΚΛΙΝΙΚΗ
Α. Ν. ΕΒΟΡΩΝΟΤ
Ὀφθαλμιάτρου

Εἰδικὸς ἐν Παρισίοις καὶ Λονδίνῳ σπουδάσας. Ὁδὸς Πειραιῶς ἀριθ. 26. Ὧραι ἐπισκέψεως 8—11 π. μ. καὶ 2—5 μ. μ.
